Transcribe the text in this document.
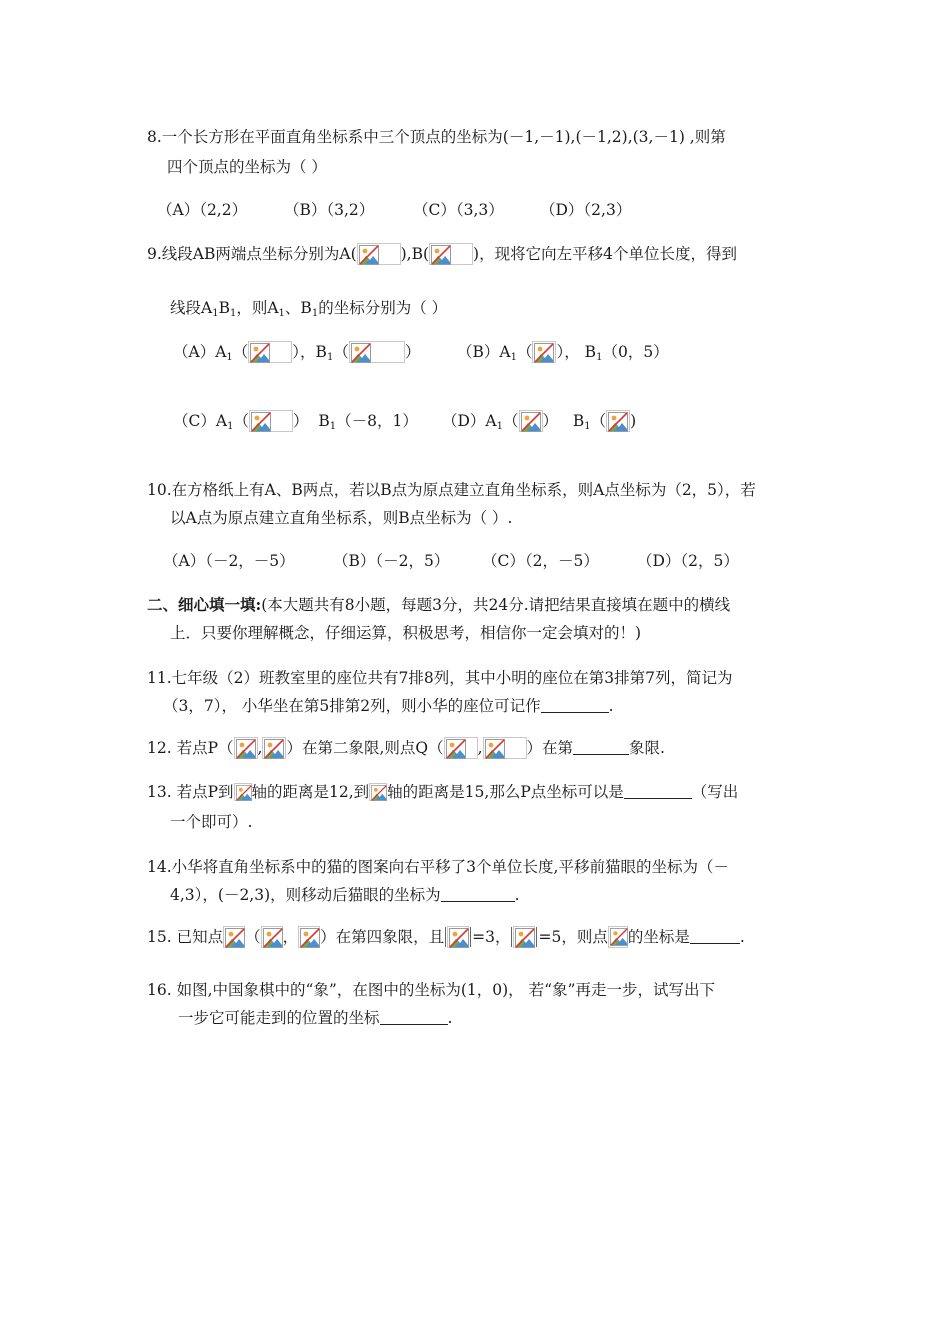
8.一个长方形在平面直角坐标系中三个顶点的坐标为(－1,－1),(－1,2),(3,－1) ,则第
四个顶点的坐标为（ ）
（A）（2,2） （B）（3,2） （C）（3,3） （D）（2,3）
9.线段AB两端点坐标分别为A(	),B(	)，现将它向左平移4个单位长度，得到
线段$A_1B_1$，则$A_1$、$B_1$的坐标分别为（ ）
$(A)A_1$（	），$B_1$（	） $(B)A_1$（ ）， $B_1(0$，5）
$(C)A_1$（	） $B_1(-8$，1） $(D)A_1$（ ） $B_1$（ )
10.在方格纸上有A、B两点，若以B点为原点建立直角坐标系，则A点坐标为（2，5），若
以A点为原点建立直角坐标系，则B点坐标为（ ）.
（A）（－2，－5） （B）（－2，5） （C）（2，－5） （D）（2，5）
二、细心填一填:(本大题共有8小题，每题3分，共24分.请把结果直接填在题中的横线
上．只要你理解概念，仔细运算，积极思考，相信你一定会填对的！)
11.七年级（2）班教室里的座位共有7排8列，其中小明的座位在第3排第7列，简记为
（3，7）， 小华坐在第5排第2列，则小华的座位可记作	.
12. 若点P（ , ）在第二象限,则点Q（ ,	）在第	象限.
13. 若点P到 轴的距离是12,到 轴的距离是15,那么P点坐标可以是	（写出
一个即可）.
14.小华将直角坐标系中的猫的图案向右平移了3个单位长度,平移前猫眼的坐标为（－
4,3），(－2,3)，则移动后猫眼的坐标为	.
15. 已知点 （ ， ）在第四象限，且 =3， =5，则点 的坐标是	.
16. 如图,中国象棋中的“象”，在图中的坐标为(1，0)， 若“象”再走一步，试写出下
一步它可能走到的位置的坐标	.
